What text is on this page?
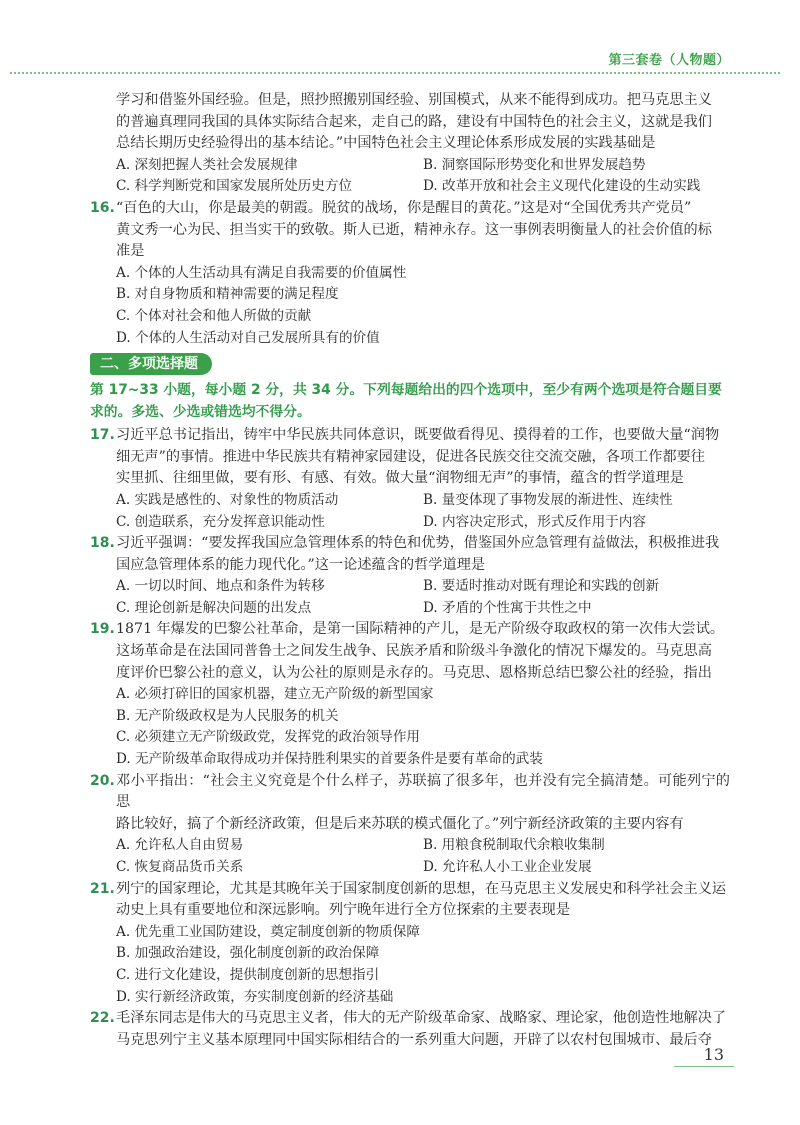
第三套卷（人物题）

学习和借鉴外国经验。但是，照抄照搬别国经验、别国模式，从来不能得到成功。把马克思主义

的普遍真理同我国的具体实际结合起来，走自己的路，建设有中国特色的社会主义，这就是我们

总结长期历史经验得出的基本结论。”中国特色社会主义理论体系形成发展的实践基础是

A. 深刻把握人类社会发展规律	B. 洞察国际形势变化和世界发展趋势
C. 科学判断党和国家发展所处历史方位	D. 改革开放和社会主义现代化建设的生动实践
16. “百色的大山，你是最美的朝霞。脱贫的战场，你是醒目的黄花。”这是对“全国优秀共产党员”
黄文秀一心为民、担当实干的致敬。斯人已逝，精神永存。这一事例表明衡量人的社会价值的标
准是
A. 个体的人生活动具有满足自我需要的价值属性
B. 对自身物质和精神需要的满足程度
C. 个体对社会和他人所做的贡献
D. 个体的人生活动对自己发展所具有的价值
二、多项选择题
第 17~33 小题，每小题 2 分，共 34 分。下列每题给出的四个选项中，至少有两个选项是符合题目要
求的。多选、少选或错选均不得分。
17. 习近平总书记指出，铸牢中华民族共同体意识，既要做看得见、摸得着的工作，也要做大量“润物
细无声”的事情。推进中华民族共有精神家园建设，促进各民族交往交流交融，各项工作都要往
实里抓、往细里做，要有形、有感、有效。做大量“润物细无声”的事情，蕴含的哲学道理是
A. 实践是感性的、对象性的物质活动	B. 量变体现了事物发展的渐进性、连续性
C. 创造联系，充分发挥意识能动性	D. 内容决定形式，形式反作用于内容
18. 习近平强调：“要发挥我国应急管理体系的特色和优势，借鉴国外应急管理有益做法，积极推进我
国应急管理体系的能力现代化。”这一论述蕴含的哲学道理是
A. 一切以时间、地点和条件为转移	B. 要适时推动对既有理论和实践的创新
C. 理论创新是解决问题的出发点	D. 矛盾的个性寓于共性之中
19. 1871 年爆发的巴黎公社革命，是第一国际精神的产儿，是无产阶级夺取政权的第一次伟大尝试。
这场革命是在法国同普鲁士之间发生战争、民族矛盾和阶级斗争激化的情况下爆发的。马克思高
度评价巴黎公社的意义，认为公社的原则是永存的。马克思、恩格斯总结巴黎公社的经验，指出
A. 必须打碎旧的国家机器，建立无产阶级的新型国家
B. 无产阶级政权是为人民服务的机关
C. 必须建立无产阶级政党，发挥党的政治领导作用
D. 无产阶级革命取得成功并保持胜利果实的首要条件是要有革命的武装
20. 邓小平指出：“社会主义究竟是个什么样子，苏联搞了很多年，也并没有完全搞清楚。可能列宁的思
路比较好，搞了个新经济政策，但是后来苏联的模式僵化了。”列宁新经济政策的主要内容有
A. 允许私人自由贸易	B. 用粮食税制取代余粮收集制
C. 恢复商品货币关系	D. 允许私人小工业企业发展
21. 列宁的国家理论，尤其是其晚年关于国家制度创新的思想，在马克思主义发展史和科学社会主义运
动史上具有重要地位和深远影响。列宁晚年进行全方位探索的主要表现是
A. 优先重工业国防建设，奠定制度创新的物质保障
B. 加强政治建设，强化制度创新的政治保障
C. 进行文化建设，提供制度创新的思想指引
D. 实行新经济政策，夯实制度创新的经济基础
22. 毛泽东同志是伟大的马克思主义者，伟大的无产阶级革命家、战略家、理论家，他创造性地解决了
马克思列宁主义基本原理同中国实际相结合的一系列重大问题，开辟了以农村包围城市、最后夺
13
